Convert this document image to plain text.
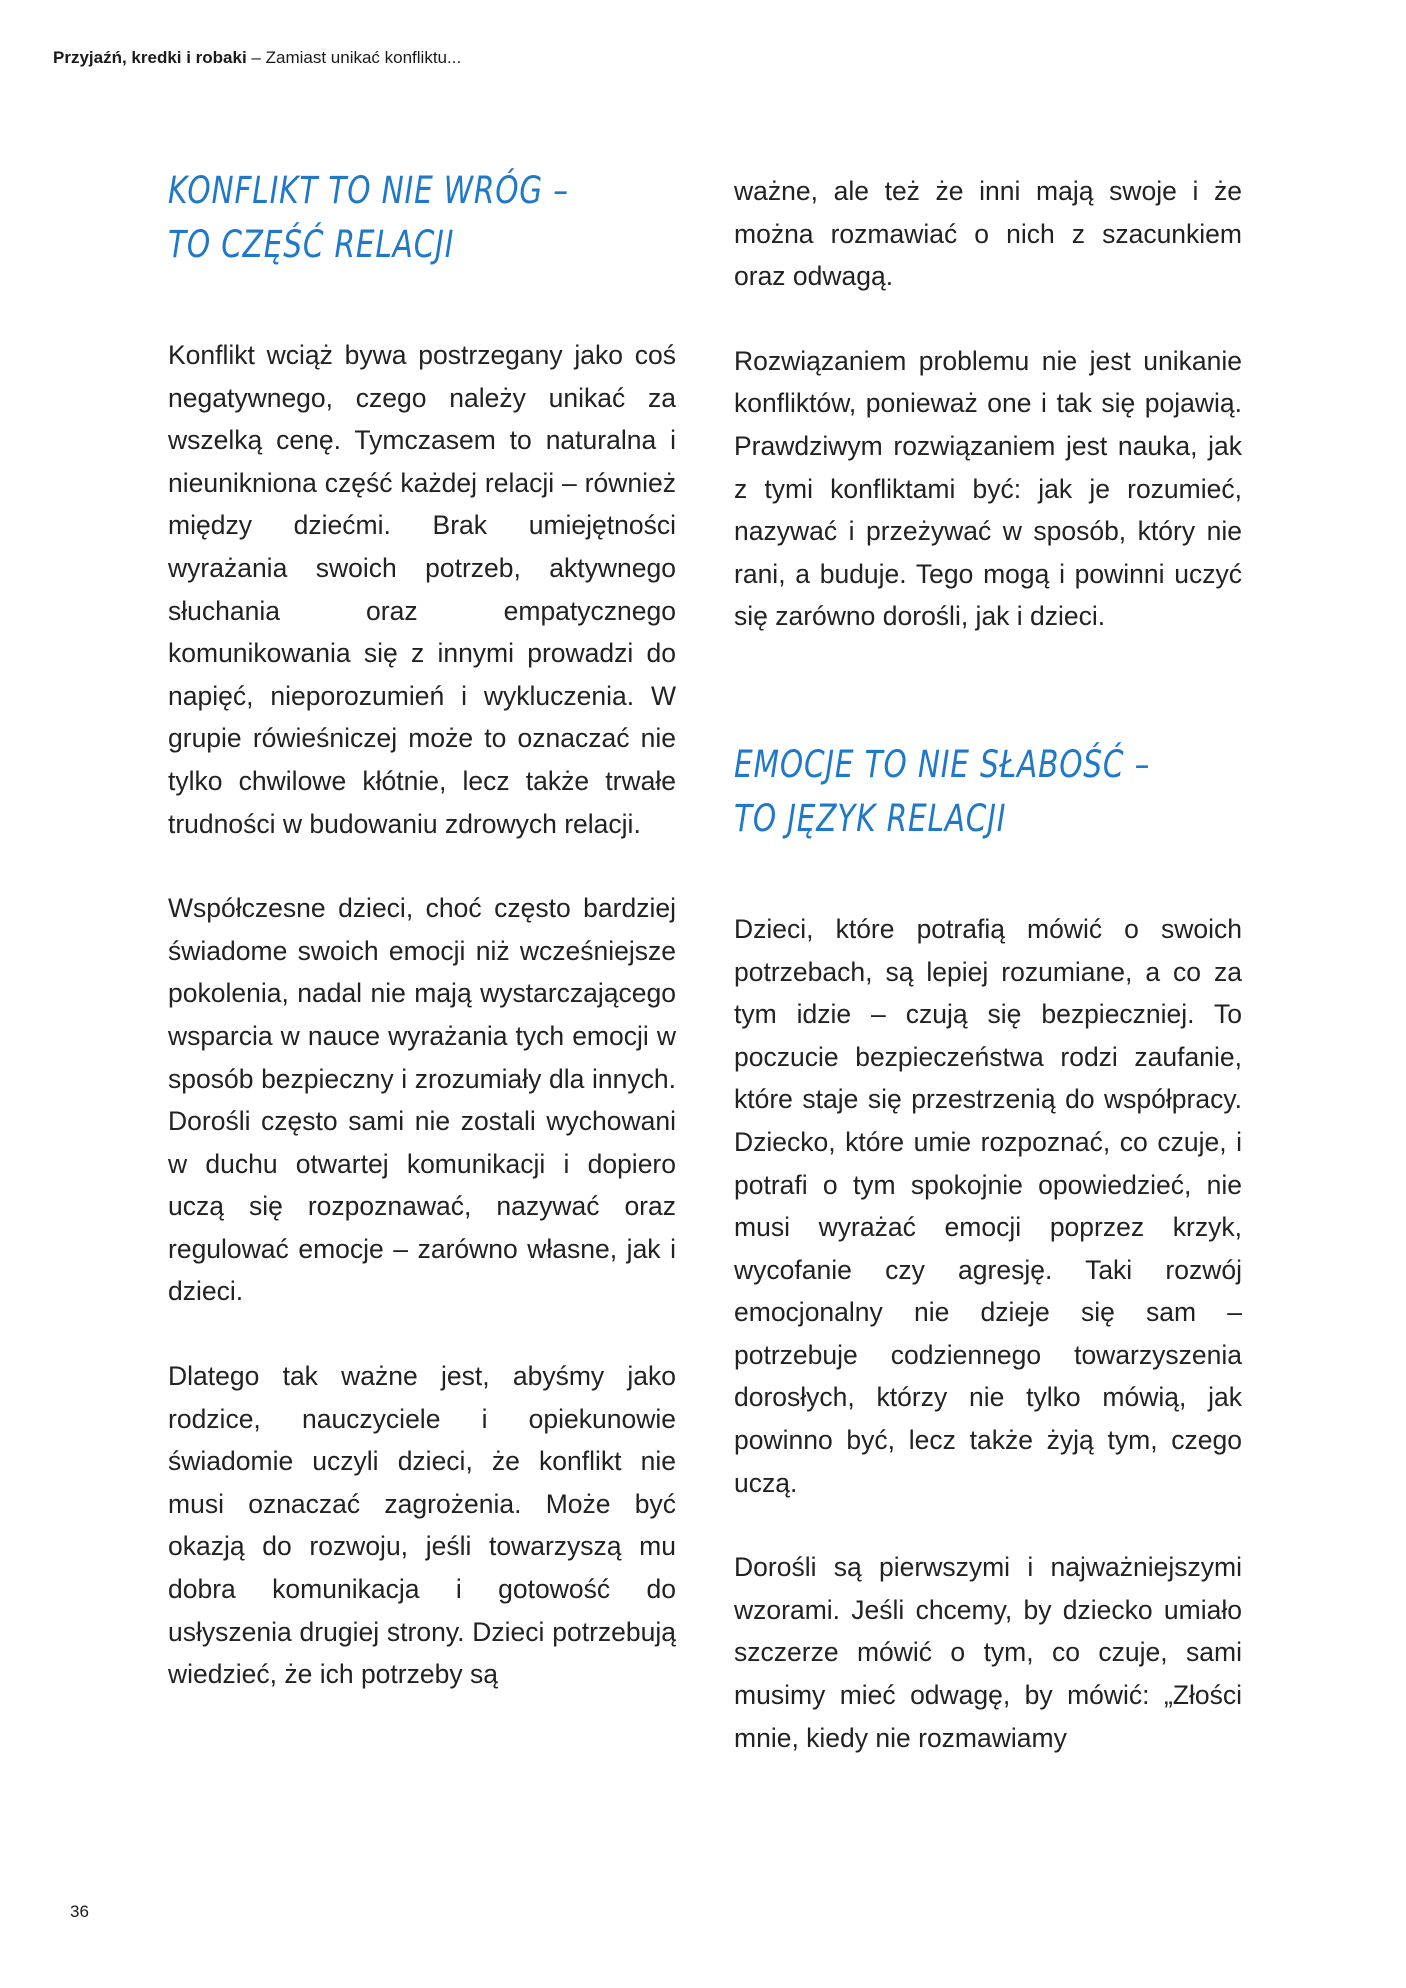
Przyjaźń, kredki i robaki – Zamiast unikać konfliktu...
KONFLIKT TO NIE WRÓG –
TO CZĘŚĆ RELACJI

Konflikt wciąż bywa postrzegany jako coś negatywnego, czego należy unikać za wszelką cenę. Tymczasem to naturalna i nieunikniona część każdej relacji – również między dziećmi. Brak umiejętności wyrażania swoich potrzeb, aktywnego słuchania oraz empatycznego komunikowania się z innymi prowadzi do napięć, nieporozumień i wykluczenia. W grupie rówieśniczej może to oznaczać nie tylko chwilowe kłótnie, lecz także trwałe trudności w budowaniu zdrowych relacji.

Współczesne dzieci, choć często bardziej świadome swoich emocji niż wcześniejsze pokolenia, nadal nie mają wystarczającego wsparcia w nauce wyrażania tych emocji w sposób bezpieczny i zrozumiały dla innych. Dorośli często sami nie zostali wychowani w duchu otwartej komunikacji i dopiero uczą się rozpoznawać, nazywać oraz regulować emocje – zarówno własne, jak i dzieci.

Dlatego tak ważne jest, abyśmy jako rodzice, nauczyciele i opiekunowie świadomie uczyli dzieci, że konflikt nie musi oznaczać zagrożenia. Może być okazją do rozwoju, jeśli towarzyszą mu dobra komunikacja i gotowość do usłyszenia drugiej strony. Dzieci potrzebują wiedzieć, że ich potrzeby są

ważne, ale też że inni mają swoje i że można rozmawiać o nich z szacunkiem oraz odwagą.

Rozwiązaniem problemu nie jest unikanie konfliktów, ponieważ one i tak się pojawią. Prawdziwym rozwiązaniem jest nauka, jak z tymi konfliktami być: jak je rozumieć, nazywać i przeżywać w sposób, który nie rani, a buduje. Tego mogą i powinni uczyć się zarówno dorośli, jak i dzieci.

EMOCJE TO NIE SŁABOŚĆ –
TO JĘZYK RELACJI

Dzieci, które potrafią mówić o swoich potrzebach, są lepiej rozumiane, a co za tym idzie – czują się bezpieczniej. To poczucie bezpieczeństwa rodzi zaufanie, które staje się przestrzenią do współpracy. Dziecko, które umie rozpoznać, co czuje, i potrafi o tym spokojnie opowiedzieć, nie musi wyrażać emocji poprzez krzyk, wycofanie czy agresję. Taki rozwój emocjonalny nie dzieje się sam – potrzebuje codziennego towarzyszenia dorosłych, którzy nie tylko mówią, jak powinno być, lecz także żyją tym, czego uczą.

Dorośli są pierwszymi i najważniejszymi wzorami. Jeśli chcemy, by dziecko umiało szczerze mówić o tym, co czuje, sami musimy mieć odwagę, by mówić: „Złości mnie, kiedy nie rozmawiamy

36
